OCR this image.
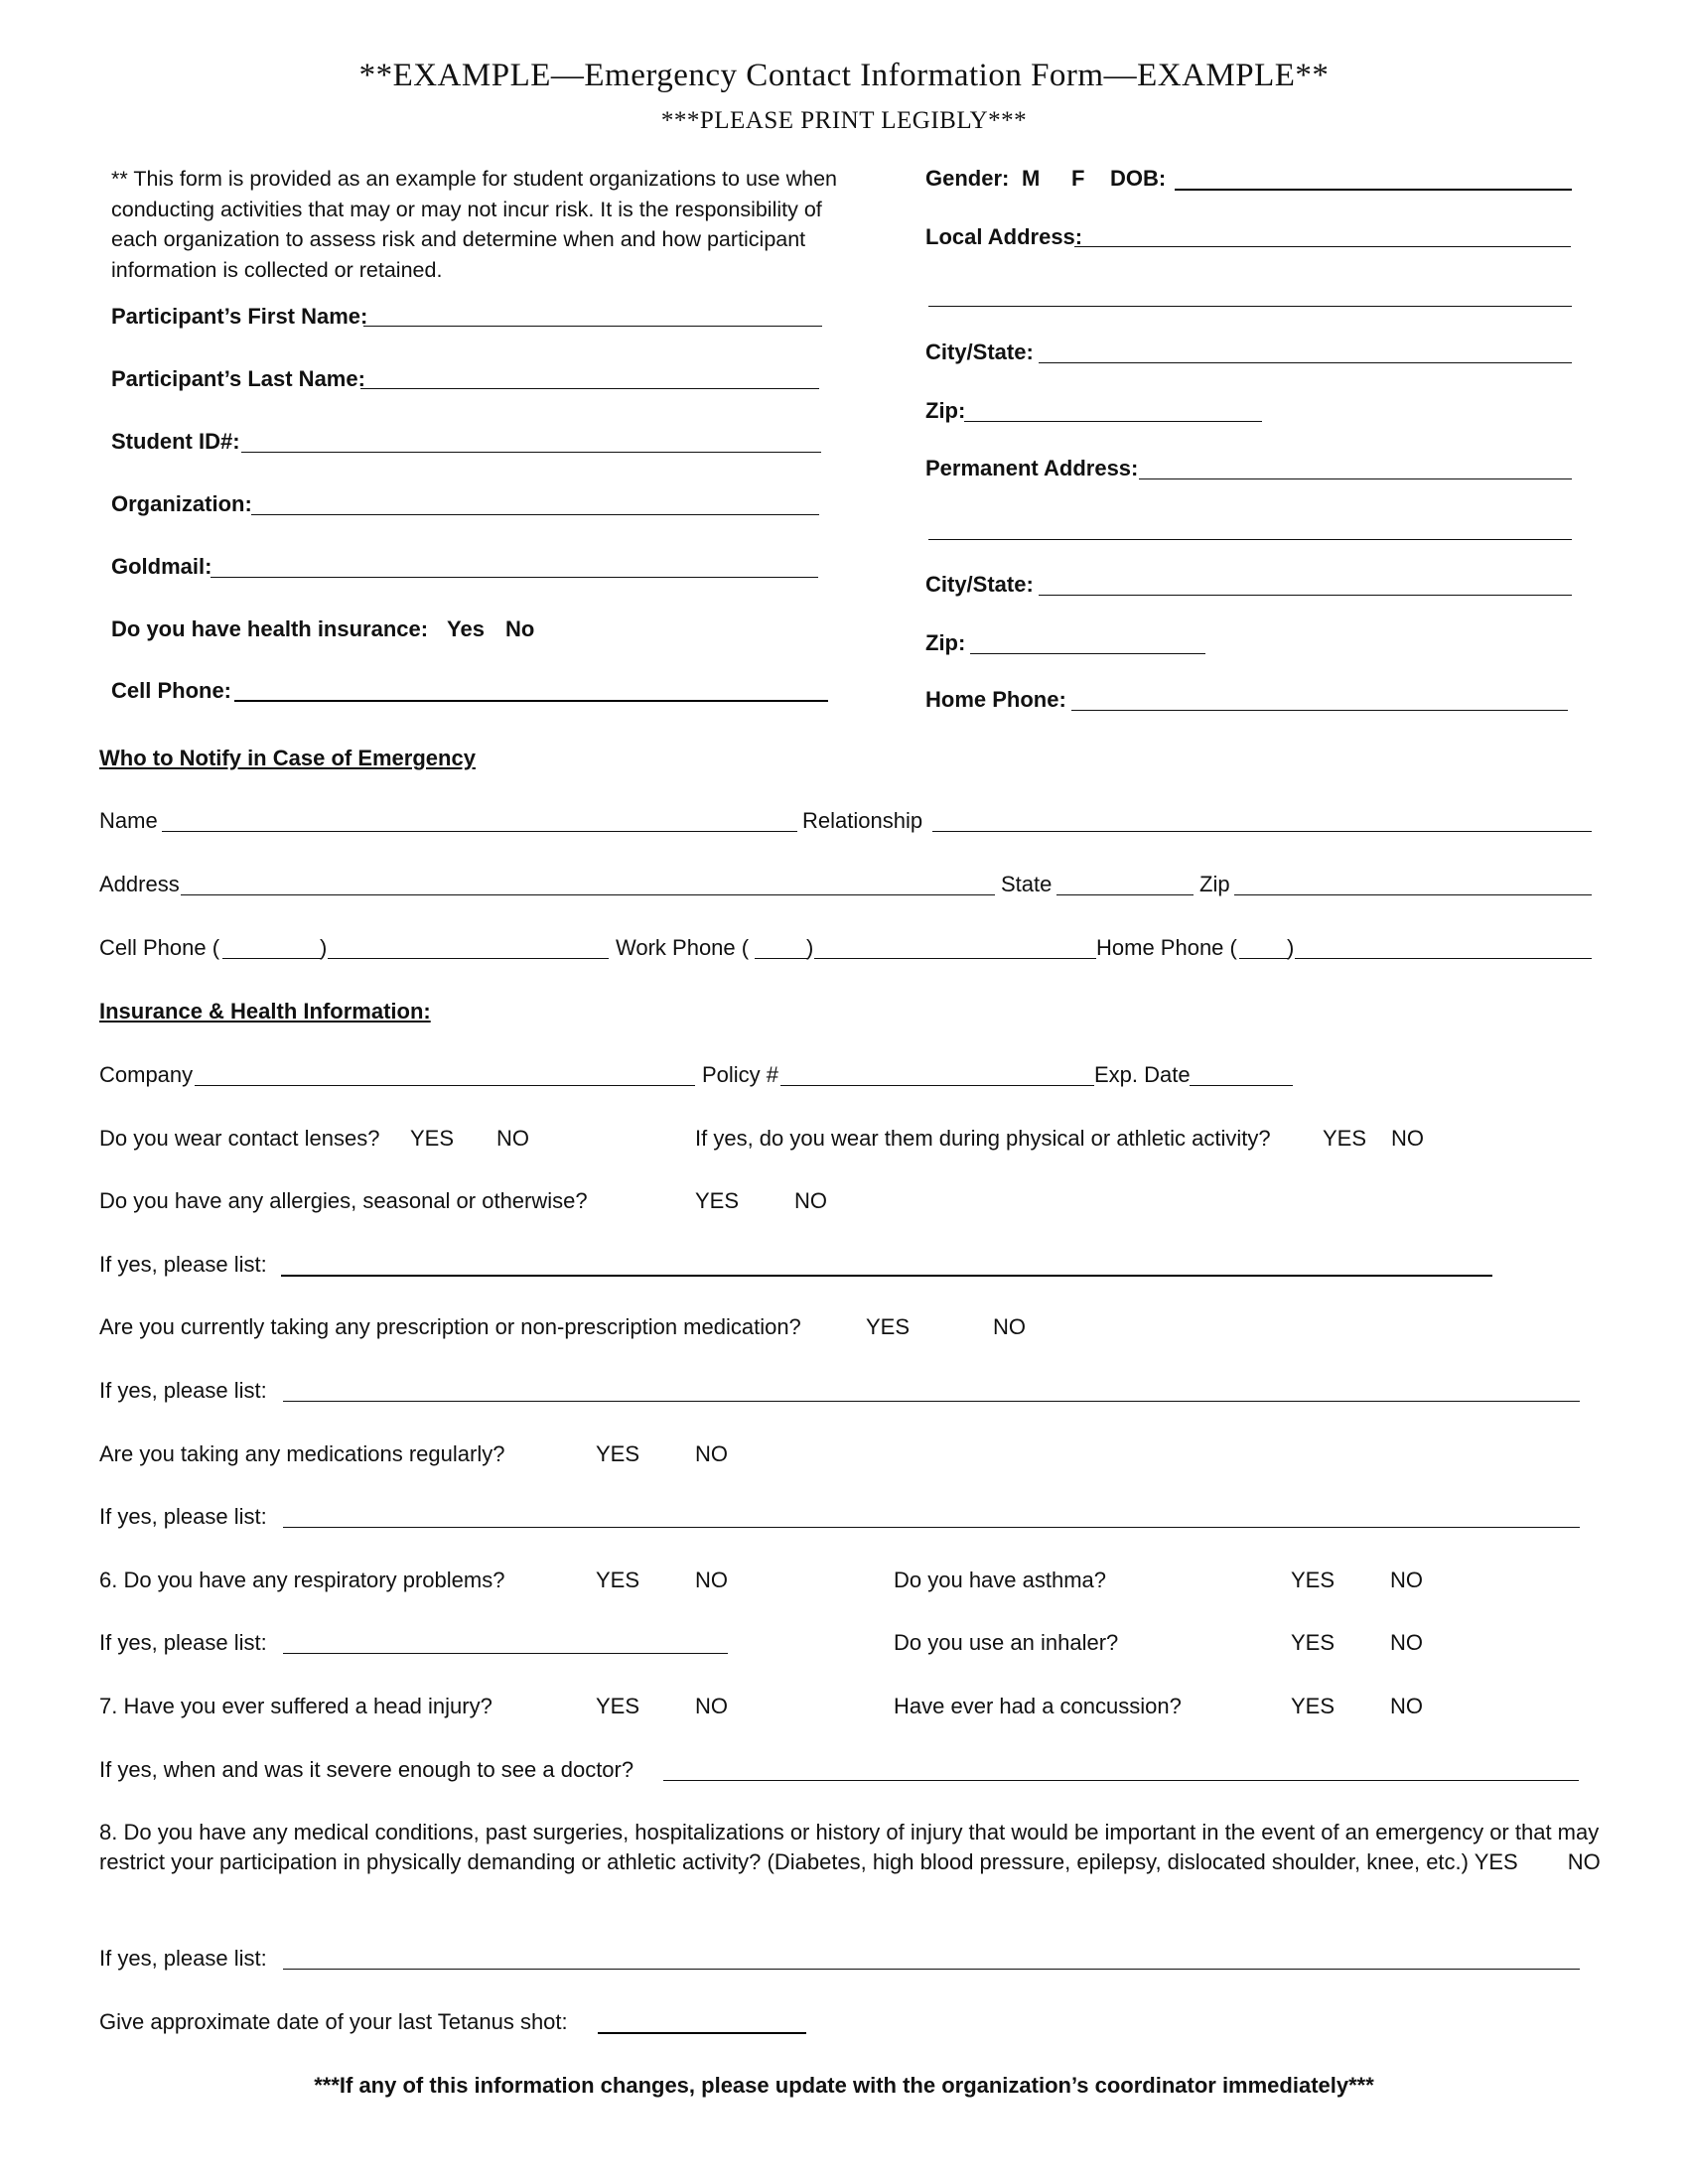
**EXAMPLE—Emergency Contact Information Form—EXAMPLE**
***PLEASE PRINT LEGIBLY***
** This form is provided as an example for student organizations to use when conducting activities that may or may not incur risk. It is the responsibility of each organization to assess risk and determine when and how participant information is collected or retained.
Participant’s First Name:
Participant’s Last Name:
Student ID#:
Organization:
Goldmail:
Do you have health insurance: Yes No
Cell Phone:
Gender: M F DOB:
Local Address:
City/State:
Zip:
Permanent Address:
City/State:
Zip:
Home Phone:
Who to Notify in Case of Emergency
Name	Relationship
Address	State	Zip
Cell Phone (	)	Work Phone (	)	Home Phone ( )
Insurance & Health Information:
Company	Policy #	Exp. Date
Do you wear contact lenses? YES NO	If yes, do you wear them during physical or athletic activity? YES NO
Do you have any allergies, seasonal or otherwise?	YES	NO
If yes, please list:
Are you currently taking any prescription or non-prescription medication?	YES	NO
If yes, please list:
Are you taking any medications regularly?	YES	NO
If yes, please list:
6. Do you have any respiratory problems?	YES	NO	Do you have asthma?	YES	NO
If yes, please list:	Do you use an inhaler?	YES	NO
7. Have you ever suffered a head injury?	YES	NO	Have ever had a concussion?	YES	NO
If yes, when and was it severe enough to see a doctor?
8. Do you have any medical conditions, past surgeries, hospitalizations or history of injury that would be important in the event of an emergency or that may restrict your participation in physically demanding or athletic activity? (Diabetes, high blood pressure, epilepsy, dislocated shoulder, knee, etc.) YES NO
If yes, please list:
Give approximate date of your last Tetanus shot:
***If any of this information changes, please update with the organization’s coordinator immediately***
